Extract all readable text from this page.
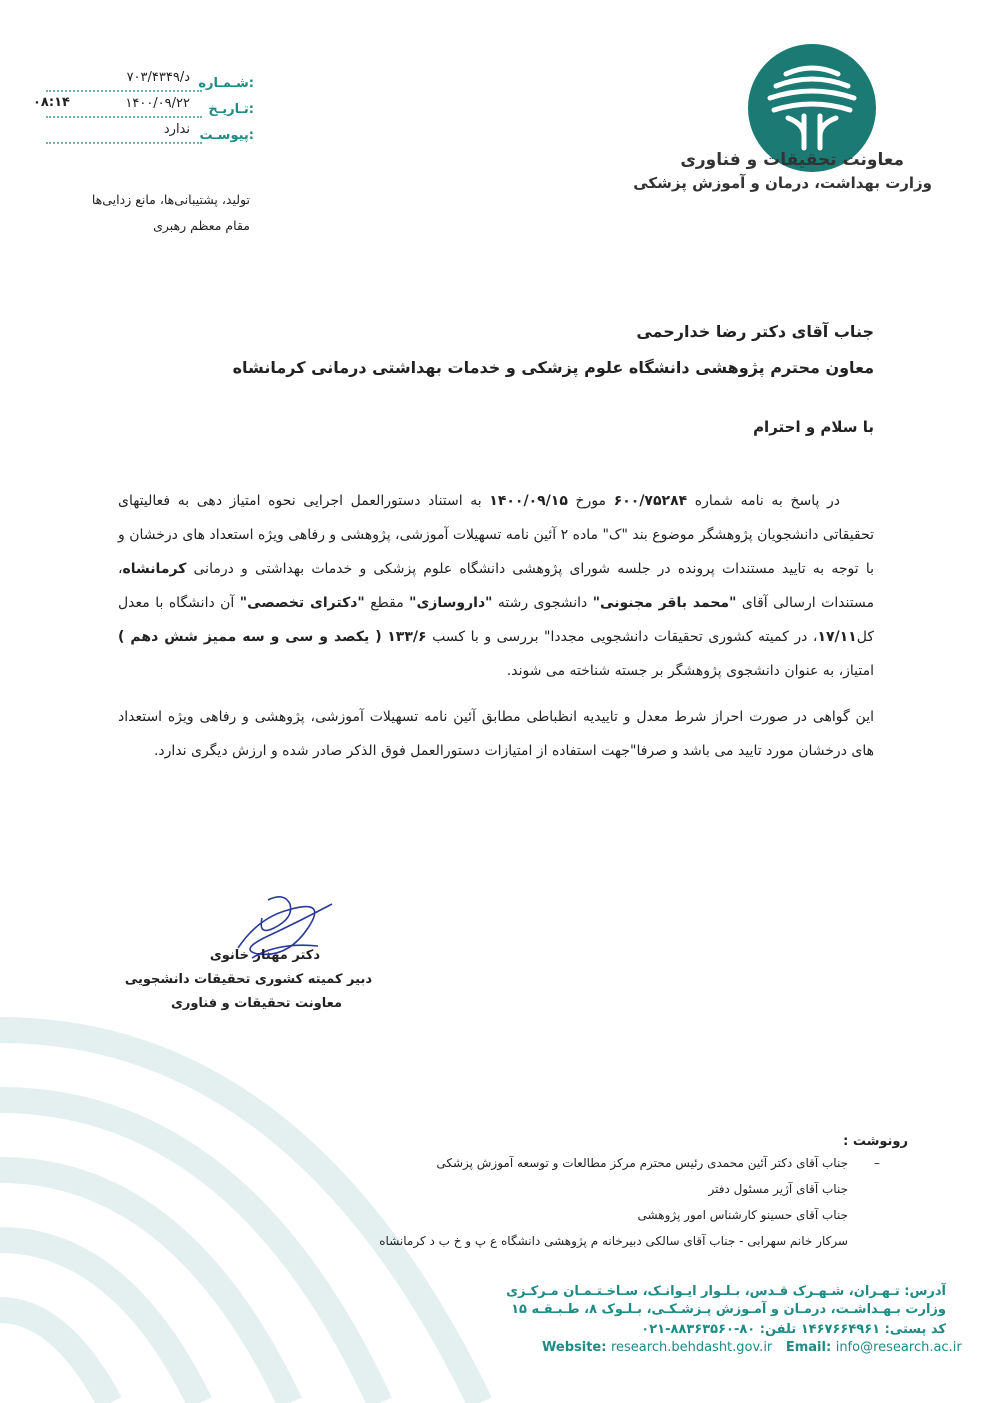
شـمـاره:
۷۰۳/۴۳۴۹/د
تـاريـخ:
۱۴۰۰/۰۹/۲۲
۰۸:۱۴
پيوسـت:
ندارد
تولید، پشتیبانی‌ها، مانع زدایی‌ها
مقام معظم رهبری
معاونت تحقیقات و فناوری
وزارت بهداشت، درمان و آموزش پزشکی
جناب آقای دکتر رضا خدارحمی
معاون محترم پژوهشی دانشگاه علوم پزشکی و خدمات بهداشتی درمانی کرمانشاه
با سلام و احترام
در پاسخ به نامه شماره ۶۰۰/۷۵۲۸۴ مورخ ۱۴۰۰/۰۹/۱۵ به استناد دستورالعمل اجرایی نحوه امتیاز دهی به فعالیتهای تحقیقاتی دانشجویان پژوهشگر موضوع بند "ک" ماده ۲ آئین نامه تسهیلات آموزشی، پژوهشی و رفاهی ویژه استعداد های درخشان و با توجه به تایید مستندات پرونده در جلسه شورای پژوهشی دانشگاه علوم پزشکی و خدمات بهداشتی و درمانی کرمانشاه، مستندات ارسالی آقای "محمد باقر مجنونی" دانشجوی رشته "داروسازی" مقطع "دکترای تخصصی" آن دانشگاه با معدل کل۱۷/۱۱، در کمیته کشوری تحقیقات دانشجویی مجددا" بررسی و با کسب ۱۳۳/۶ ( یکصد و سی و سه ممیز شش دهم ) امتیاز، به عنوان دانشجوی پژوهشگر بر جسته شناخته می شوند.
این گواهی در صورت احراز شرط معدل و تاییدیه انظباطی مطابق آئین نامه تسهیلات آموزشی، پژوهشی و رفاهی ویژه استعداد های درخشان مورد تایید می باشد و صرفا"جهت استفاده از امتیازات دستورالعمل فوق الذکر صادر شده و ارزش دیگری ندارد.
دکتر مهناز خانوی
دبیر کمیته کشوری تحقیقات دانشجویی
معاونت تحقیقات و فناوری
رونوشت :
–
جناب آقای دکتر آئین محمدی رئیس محترم مرکز مطالعات و توسعه آموزش پزشکی
جناب آقای آژیر مسئول دفتر
جناب آقای حسینو کارشناس امور پژوهشی
سرکار خانم سهرابی - جناب آقای سالکی دبیرخانه م پژوهشی دانشگاه ع پ و خ ب د کرمانشاه
آدرس: تـهـران، شـهـرک قـدس، بـلـوار ایـوانـک، سـاخـتـمـان مـرکـزی
وزارت بـهـداشـت، درمـان و آمـوزش پـزشـکـی، بـلـوک ۸، طـبـقـه ۱۵
کد پستی: ۱۴۶۷۶۶۴۹۶۱ تلفن: ۸۰-۸۸۳۶۳۵۶۰-۰۲۱
Website: research.behdasht.gov.ir Email: info@research.ac.ir
